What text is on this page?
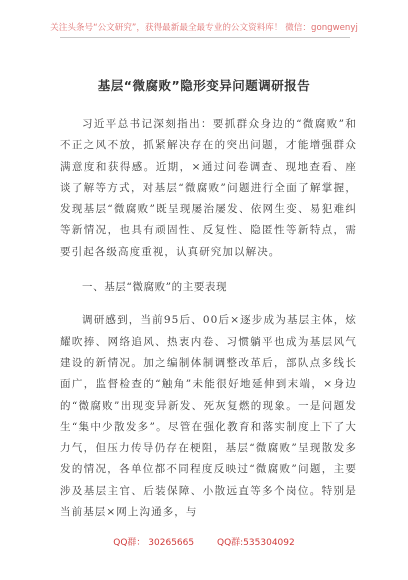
关注头条号“公文研究”，获得最新最全最专业的公文资料库！ 微信：gongwenyj
基层“微腐败”隐形变异问题调研报告

习近平总书记深刻指出：要抓群众身边的“微腐败”和不正之风不放，抓紧解决存在的突出问题，才能增强群众满意度和获得感。近期，×通过问卷调查、现地查看、座谈了解等方式，对基层“微腐败”问题进行全面了解掌握，发现基层“微腐败”既呈现屡治屡发、依网生变、易犯难纠等新情况，也具有顽固性、反复性、隐匿性等新特点，需要引起各级高度重视，认真研究加以解决。

一、基层“微腐败”的主要表现

调研感到，当前95后、00后×逐步成为基层主体，炫耀吹捧、网络追风、热衷内卷、习惯躺平也成为基层风气建设的新情况。加之编制体制调整改革后，部队点多线长面广，监督检查的“触角”未能很好地延伸到末端，×身边的“微腐败”出现变异新发、死灰复燃的现象。一是问题发生“集中少散发多”。尽管在强化教育和落实制度上下了大力气，但压力传导仍存在梗阻，基层“微腐败”呈现散发多发的情况，各单位都不同程度反映过“微腐败”问题，主要涉及基层主官、后装保障、小散远直等多个岗位。特别是当前基层×网上沟通多，与

QQ群： 30265665	QQ群:535304092
